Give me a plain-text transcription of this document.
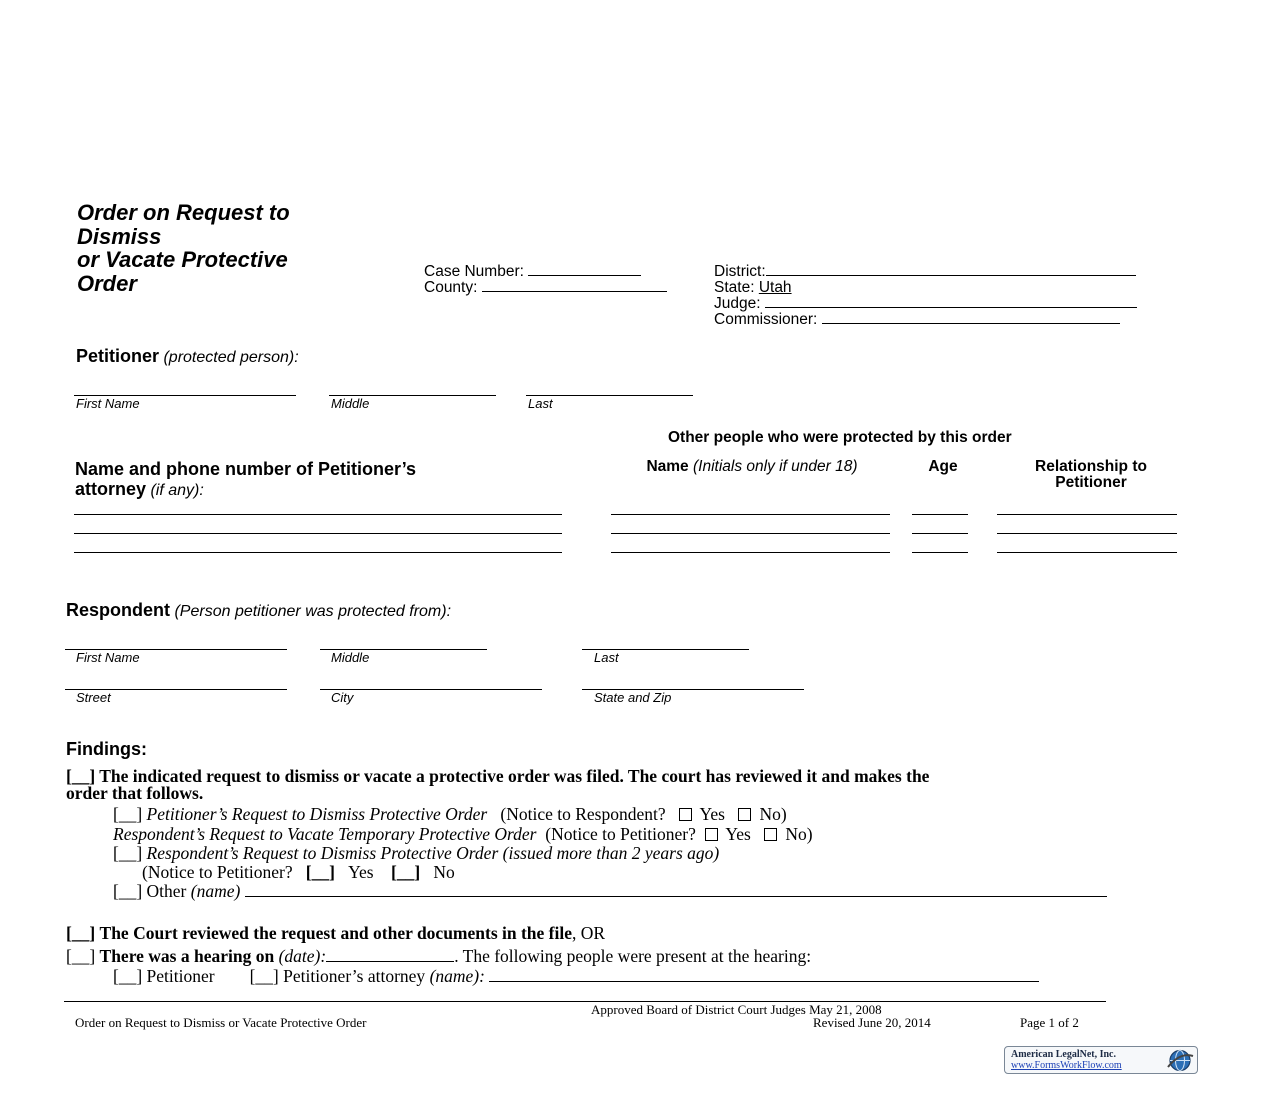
Order on Request to
Dismiss
or Vacate Protective
Order	Case Number:
County:
District:
State: Utah
Judge:
Commissioner:
Petitioner (protected person):
First Name	Middle	Last
Name and phone number of Petitioner’s
attorney (if any):
Other people who were protected by this order
Name (Initials only if under 18)	Age	Relationship to Petitioner
Respondent (Person petitioner was protected from):
First Name	Middle	Last
Street	City	State and Zip
Findings:
[__] The indicated request to dismiss or vacate a protective order was filed. The court has reviewed it and makes the
order that follows.
[__] Petitioner’s Request to Dismiss Protective Order (Notice to Respondent? Yes No)
Respondent’s Request to Vacate Temporary Protective Order (Notice to Petitioner? Yes No)
[__] Respondent’s Request to Dismiss Protective Order (issued more than 2 years ago)
(Notice to Petitioner? [__] Yes [__] No
[__] Other (name)
[__] The Court reviewed the request and other documents in the file, OR
[__] There was a hearing on (date):	. The following people were present at the hearing:
[__] Petitioner [__] Petitioner’s attorney (name):
Approved Board of District Court Judges May 21, 2008
Order on Request to Dismiss or Vacate Protective Order	Revised June 20, 2014	Page 1 of 2
American LegalNet, Inc.
www.FormsWorkFlow.com
